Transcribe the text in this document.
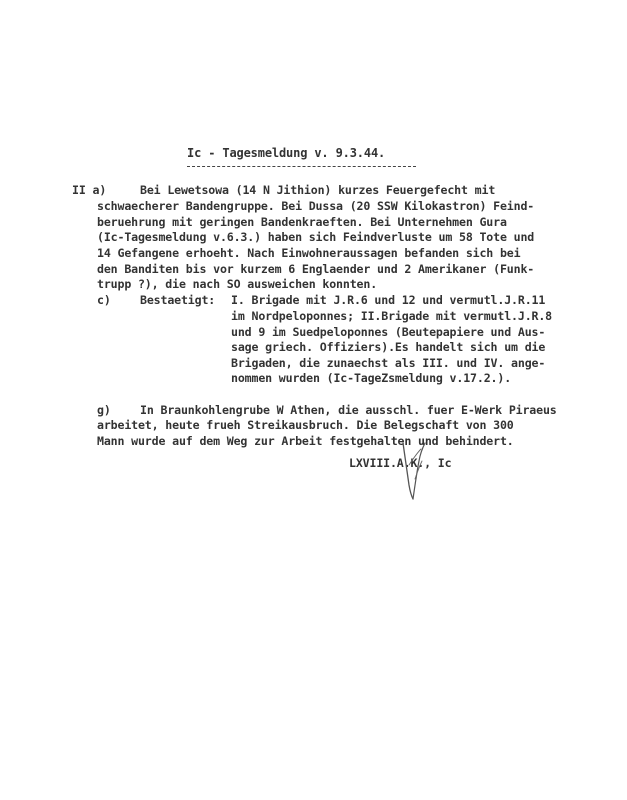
Ic - Tagesmeldung v. 9.3.44.
II a)	Bei Lewetsowa (14 N Jithion) kurzes Feuergefecht mit
schwaecherer Bandengruppe. Bei Dussa (20 SSW Kilokastron) Feind-
beruehrung mit geringen Bandenkraeften. Bei Unternehmen Gura
(Ic-Tagesmeldung v.6.3.) haben sich Feindverluste um 58 Tote und
14 Gefangene erhoeht. Nach Einwohneraussagen befanden sich bei
den Banditen bis vor kurzem 6 Englaender und 2 Amerikaner (Funk-
trupp ?), die nach SO ausweichen konnten.
c)	Bestaetigt: I. Brigade mit J.R.6 und 12 und vermutl.J.R.11
im Nordpeloponnes; II.Brigade mit vermutl.J.R.8
und 9 im Suedpeloponnes (Beutepapiere und Aus-
sage griech. Offiziers).Es handelt sich um die
Brigaden, die zunaechst als III. und IV. ange-
nommen wurden (Ic-TageZsmeldung v.17.2.).
g)	In Braunkohlengrube W Athen, die ausschl. fuer E-Werk Piraeus
arbeitet, heute frueh Streikausbruch. Die Belegschaft von 300
Mann wurde auf dem Weg zur Arbeit festgehalten und behindert.
LXVIII.A.K., Ic
